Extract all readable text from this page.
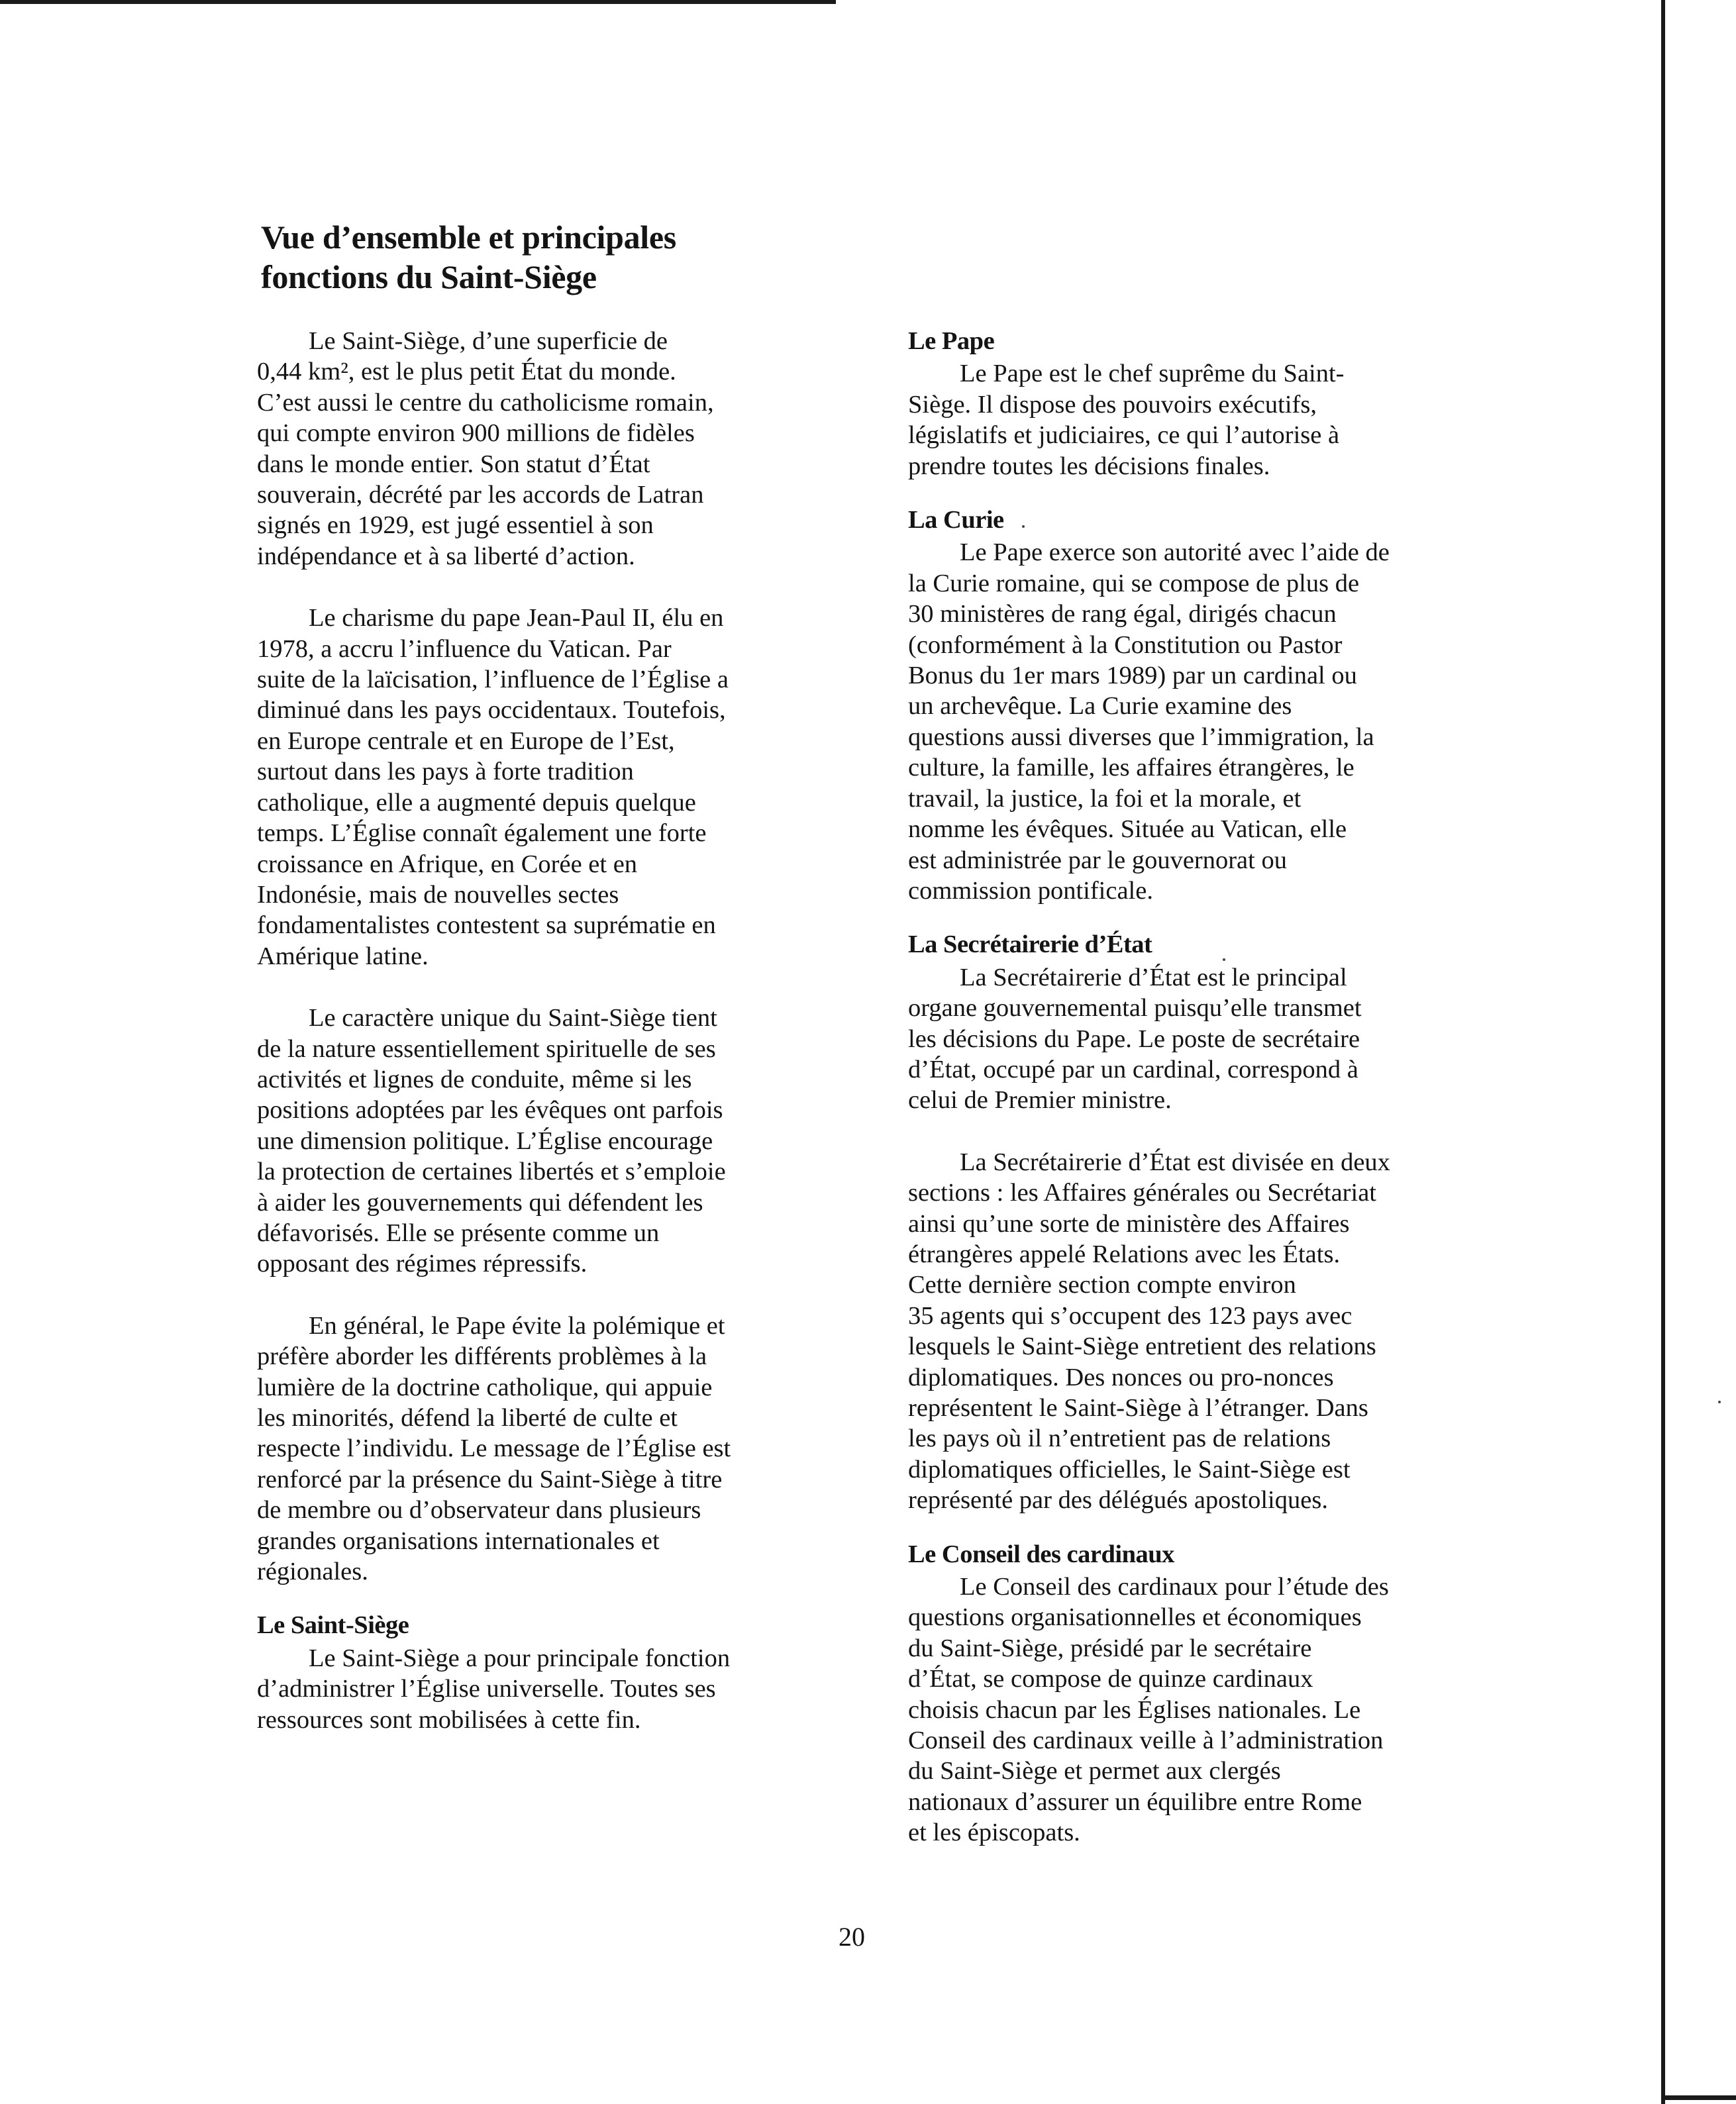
Vue d’ensemble et principales
fonctions du Saint-Siège

Le Saint-Siège, d’une superficie de
0,44 km², est le plus petit État du monde.
C’est aussi le centre du catholicisme romain,
qui compte environ 900 millions de fidèles
dans le monde entier. Son statut d’État
souverain, décrété par les accords de Latran
signés en 1929, est jugé essentiel à son
indépendance et à sa liberté d’action.

Le charisme du pape Jean-Paul II, élu en
1978, a accru l’influence du Vatican. Par
suite de la laïcisation, l’influence de l’Église a
diminué dans les pays occidentaux. Toutefois,
en Europe centrale et en Europe de l’Est,
surtout dans les pays à forte tradition
catholique, elle a augmenté depuis quelque
temps. L’Église connaît également une forte
croissance en Afrique, en Corée et en
Indonésie, mais de nouvelles sectes
fondamentalistes contestent sa suprématie en
Amérique latine.

Le caractère unique du Saint-Siège tient
de la nature essentiellement spirituelle de ses
activités et lignes de conduite, même si les
positions adoptées par les évêques ont parfois
une dimension politique. L’Église encourage
la protection de certaines libertés et s’emploie
à aider les gouvernements qui défendent les
défavorisés. Elle se présente comme un
opposant des régimes répressifs.

En général, le Pape évite la polémique et
préfère aborder les différents problèmes à la
lumière de la doctrine catholique, qui appuie
les minorités, défend la liberté de culte et
respecte l’individu. Le message de l’Église est
renforcé par la présence du Saint-Siège à titre
de membre ou d’observateur dans plusieurs
grandes organisations internationales et
régionales.

Le Saint-Siège

Le Saint-Siège a pour principale fonction
d’administrer l’Église universelle. Toutes ses
ressources sont mobilisées à cette fin.

Le Pape

Le Pape est le chef suprême du Saint-
Siège. Il dispose des pouvoirs exécutifs,
législatifs et judiciaires, ce qui l’autorise à
prendre toutes les décisions finales.

La Curie

Le Pape exerce son autorité avec l’aide de
la Curie romaine, qui se compose de plus de
30 ministères de rang égal, dirigés chacun
(conformément à la Constitution ou Pastor
Bonus du 1er mars 1989) par un cardinal ou
un archevêque. La Curie examine des
questions aussi diverses que l’immigration, la
culture, la famille, les affaires étrangères, le
travail, la justice, la foi et la morale, et
nomme les évêques. Située au Vatican, elle
est administrée par le gouvernorat ou
commission pontificale.

La Secrétairerie d’État

La Secrétairerie d’État est le principal
organe gouvernemental puisqu’elle transmet
les décisions du Pape. Le poste de secrétaire
d’État, occupé par un cardinal, correspond à
celui de Premier ministre.

La Secrétairerie d’État est divisée en deux
sections : les Affaires générales ou Secrétariat
ainsi qu’une sorte de ministère des Affaires
étrangères appelé Relations avec les États.
Cette dernière section compte environ
35 agents qui s’occupent des 123 pays avec
lesquels le Saint-Siège entretient des relations
diplomatiques. Des nonces ou pro-nonces
représentent le Saint-Siège à l’étranger. Dans
les pays où il n’entretient pas de relations
diplomatiques officielles, le Saint-Siège est
représenté par des délégués apostoliques.

Le Conseil des cardinaux

Le Conseil des cardinaux pour l’étude des
questions organisationnelles et économiques
du Saint-Siège, présidé par le secrétaire
d’État, se compose de quinze cardinaux
choisis chacun par les Églises nationales. Le
Conseil des cardinaux veille à l’administration
du Saint-Siège et permet aux clergés
nationaux d’assurer un équilibre entre Rome
et les épiscopats.

20
